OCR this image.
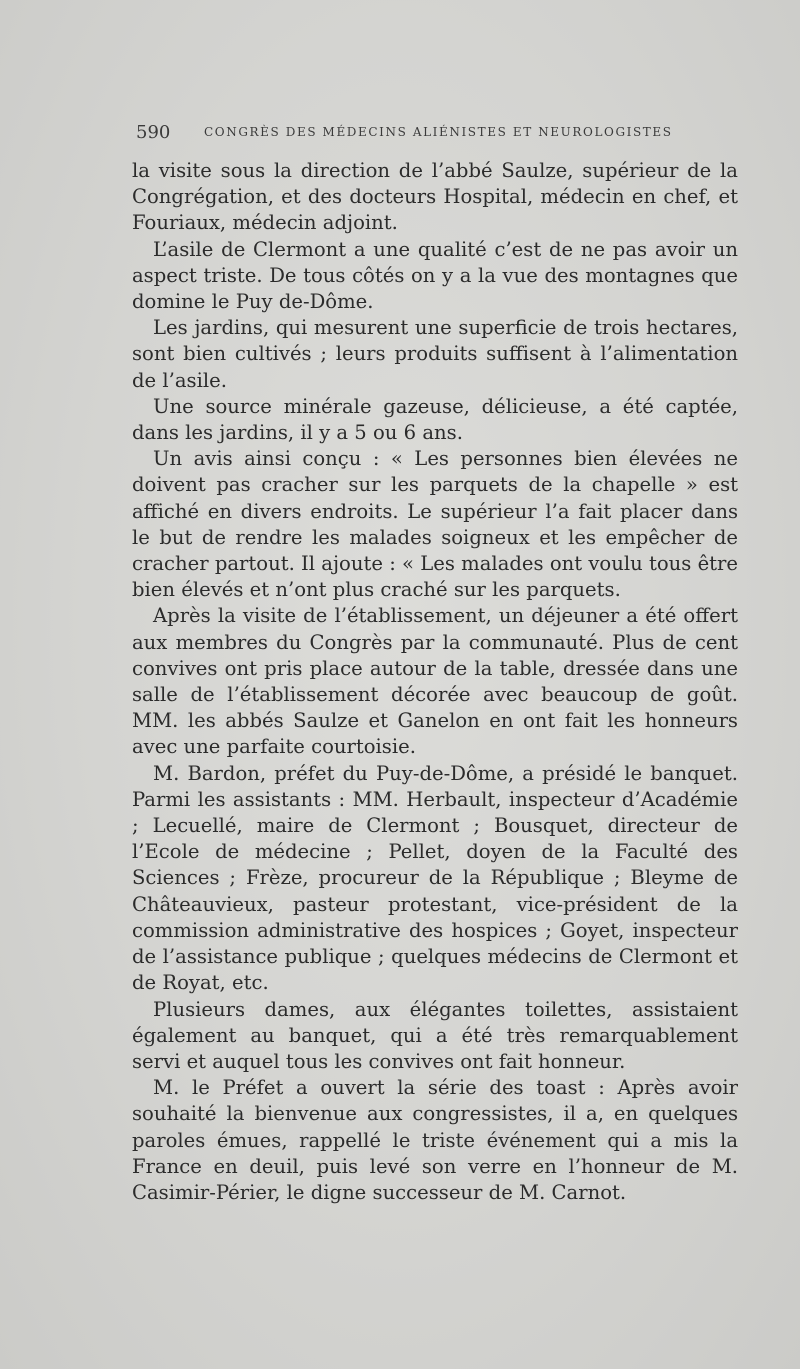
590	CONGRÈS DES MÉDECINS ALIÉNISTES ET NEUROLOGISTES

la visite sous la direction de l’abbé Saulze, supérieur de la Congrégation, et des docteurs Hospital, médecin en chef, et Fouriaux, médecin adjoint.

L’asile de Clermont a une qualité c’est de ne pas avoir un aspect triste. De tous côtés on y a la vue des montagnes que domine le Puy de-Dôme.

Les jardins, qui mesurent une superficie de trois hectares, sont bien cultivés ; leurs produits suffisent à l’alimentation de l’asile.

Une source minérale gazeuse, délicieuse, a été captée, dans les jardins, il y a 5 ou 6 ans.

Un avis ainsi conçu : « Les personnes bien élevées ne doivent pas cracher sur les parquets de la chapelle » est affiché en divers endroits. Le supérieur l’a fait placer dans le but de rendre les malades soigneux et les empêcher de cracher partout. Il ajoute : « Les malades ont voulu tous être bien élevés et n’ont plus craché sur les parquets.

Après la visite de l’établissement, un déjeuner a été offert aux membres du Congrès par la communauté. Plus de cent convives ont pris place autour de la table, dressée dans une salle de l’établissement décorée avec beaucoup de goût. MM. les abbés Saulze et Ganelon en ont fait les honneurs avec une parfaite courtoisie.

M. Bardon, préfet du Puy-de-Dôme, a présidé le banquet. Parmi les assistants : MM. Herbault, inspecteur d’Académie ; Lecuellé, maire de Clermont ; Bousquet, directeur de l’Ecole de médecine ; Pellet, doyen de la Faculté des Sciences ; Frèze, procureur de la République ; Bleyme de Châteauvieux, pasteur protestant, vice-président de la commission administrative des hospices ; Goyet, inspecteur de l’assistance publique ; quelques médecins de Clermont et de Royat, etc.

Plusieurs dames, aux élégantes toilettes, assistaient également au banquet, qui a été très remarquablement servi et auquel tous les convives ont fait honneur.

M. le Préfet a ouvert la série des toast : Après avoir souhaité la bienvenue aux congressistes, il a, en quelques paroles émues, rappellé le triste événement qui a mis la France en deuil, puis levé son verre en l’honneur de M. Casimir-Périer, le digne successeur de M. Carnot.
